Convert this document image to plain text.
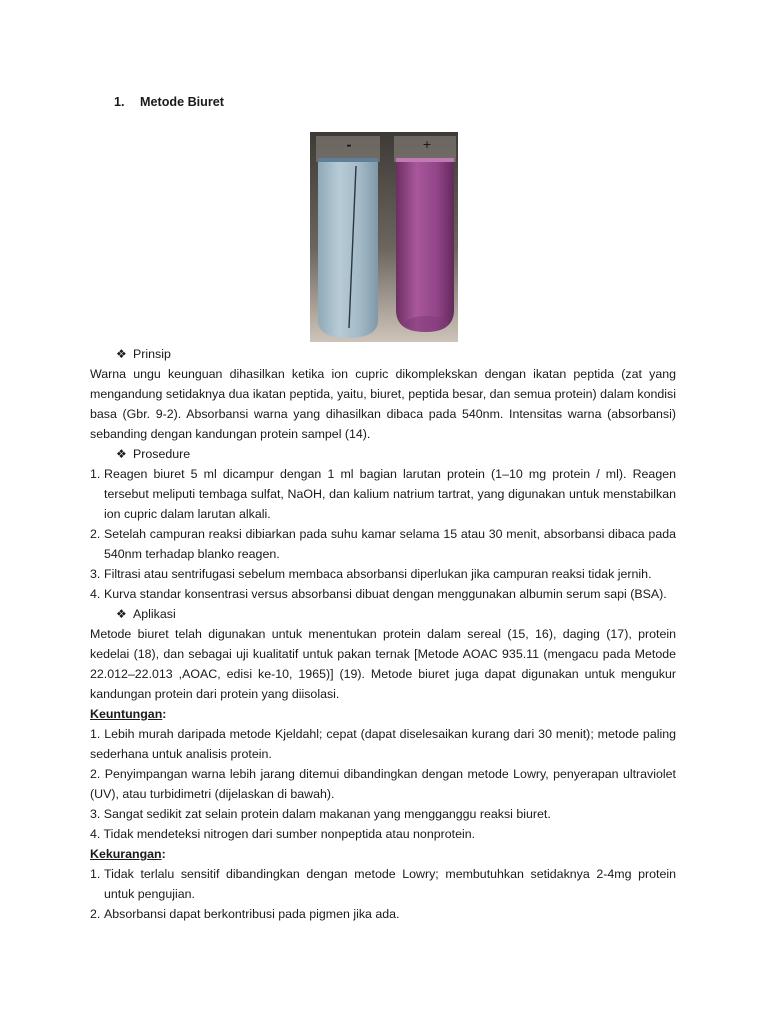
1. Metode Biuret
-	+
❖ Prinsip

Warna ungu keunguan dihasilkan ketika ion cupric dikomplekskan dengan ikatan peptida (zat yang mengandung setidaknya dua ikatan peptida, yaitu, biuret, peptida besar, dan semua protein) dalam kondisi basa (Gbr. 9-2). Absorbansi warna yang dihasilkan dibaca pada 540nm. Intensitas warna (absorbansi) sebanding dengan kandungan protein sampel (14).

❖ Prosedure
1. Reagen biuret 5 ml dicampur dengan 1 ml bagian larutan protein (1–10 mg protein / ml). Reagen tersebut meliputi tembaga sulfat, NaOH, dan kalium natrium tartrat, yang digunakan untuk menstabilkan ion cupric dalam larutan alkali.

2. Setelah campuran reaksi dibiarkan pada suhu kamar selama 15 atau 30 menit, absorbansi dibaca pada 540nm terhadap blanko reagen.

3. Filtrasi atau sentrifugasi sebelum membaca absorbansi diperlukan jika campuran reaksi tidak jernih.

4. Kurva standar konsentrasi versus absorbansi dibuat dengan menggunakan albumin serum sapi (BSA).

❖ Aplikasi

Metode biuret telah digunakan untuk menentukan protein dalam sereal (15, 16), daging (17), protein kedelai (18), dan sebagai uji kualitatif untuk pakan ternak [Metode AOAC 935.11 (mengacu pada Metode 22.012–22.013 ,AOAC, edisi ke-10, 1965)] (19). Metode biuret juga dapat digunakan untuk mengukur kandungan protein dari protein yang diisolasi.

Keuntungan:

1. Lebih murah daripada metode Kjeldahl; cepat (dapat diselesaikan kurang dari 30 menit); metode paling sederhana untuk analisis protein.

2. Penyimpangan warna lebih jarang ditemui dibandingkan dengan metode Lowry, penyerapan ultraviolet (UV), atau turbidimetri (dijelaskan di bawah).

3. Sangat sedikit zat selain protein dalam makanan yang mengganggu reaksi biuret.

4. Tidak mendeteksi nitrogen dari sumber nonpeptida atau nonprotein.

Kekurangan:
1. Tidak terlalu sensitif dibandingkan dengan metode Lowry; membutuhkan setidaknya 2-4mg protein untuk pengujian.

2. Absorbansi dapat berkontribusi pada pigmen jika ada.
